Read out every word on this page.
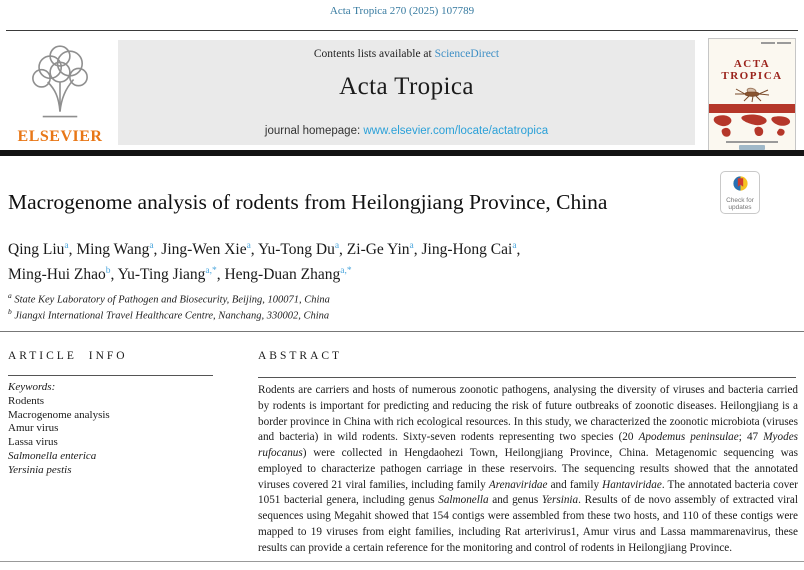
Acta Tropica 270 (2025) 107789
ELSEVIER
Contents lists available at ScienceDirect
Acta Tropica
journal homepage: www.elsevier.com/locate/actatropica
ACTA
TROPICA
Check for
updates
Macrogenome analysis of rodents from Heilongjiang Province, China
Qing Liu$^a$, Ming Wang$^a$, Jing-Wen Xie$^a$, Yu-Tong Du$^a$, Zi-Ge Yin$^a$, Jing-Hong Cai$^a$,
Ming-Hui Zhao$^b$, Yu-Ting Jiang$^{a,*}$, Heng-Duan Zhang$^{a,*}$
$^a$ State Key Laboratory of Pathogen and Biosecurity, Beijing, 100071, China
$^b$ Jiangxi International Travel Healthcare Centre, Nanchang, 330002, China
ARTICLE INFO	ABSTRACT
Keywords:
Rodents
Macrogenome analysis
Amur virus
Lassa virus
Salmonella enterica
Yersinia pestis
Rodents are carriers and hosts of numerous zoonotic pathogens, analysing the diversity of viruses and bacteria carried by rodents is important for predicting and reducing the risk of future outbreaks of zoonotic diseases. Heilongjiang is a border province in China with rich ecological resources. In this study, we characterized the zoonotic microbiota (viruses and bacteria) in wild rodents. Sixty-seven rodents representing two species (20 Apodemus peninsulae; 47 Myodes rufocanus) were collected in Hengdaohezi Town, Heilongjiang Province, China. Metagenomic sequencing was employed to characterize pathogen carriage in these reservoirs. The sequencing results showed that the annotated viruses covered 21 viral families, including family Arenaviridae and family Hantaviridae. The annotated bacteria cover 1051 bacterial genera, including genus Salmonella and genus Yersinia. Results of de novo assembly of extracted viral sequences using Megahit showed that 154 contigs were assembled from these two hosts, and 110 of these contigs were mapped to 19 viruses from eight families, including Rat arterivirus1, Amur virus and Lassa mammarenavirus, these results can provide a certain reference for the monitoring and control of rodents in Heilongjiang Province.
